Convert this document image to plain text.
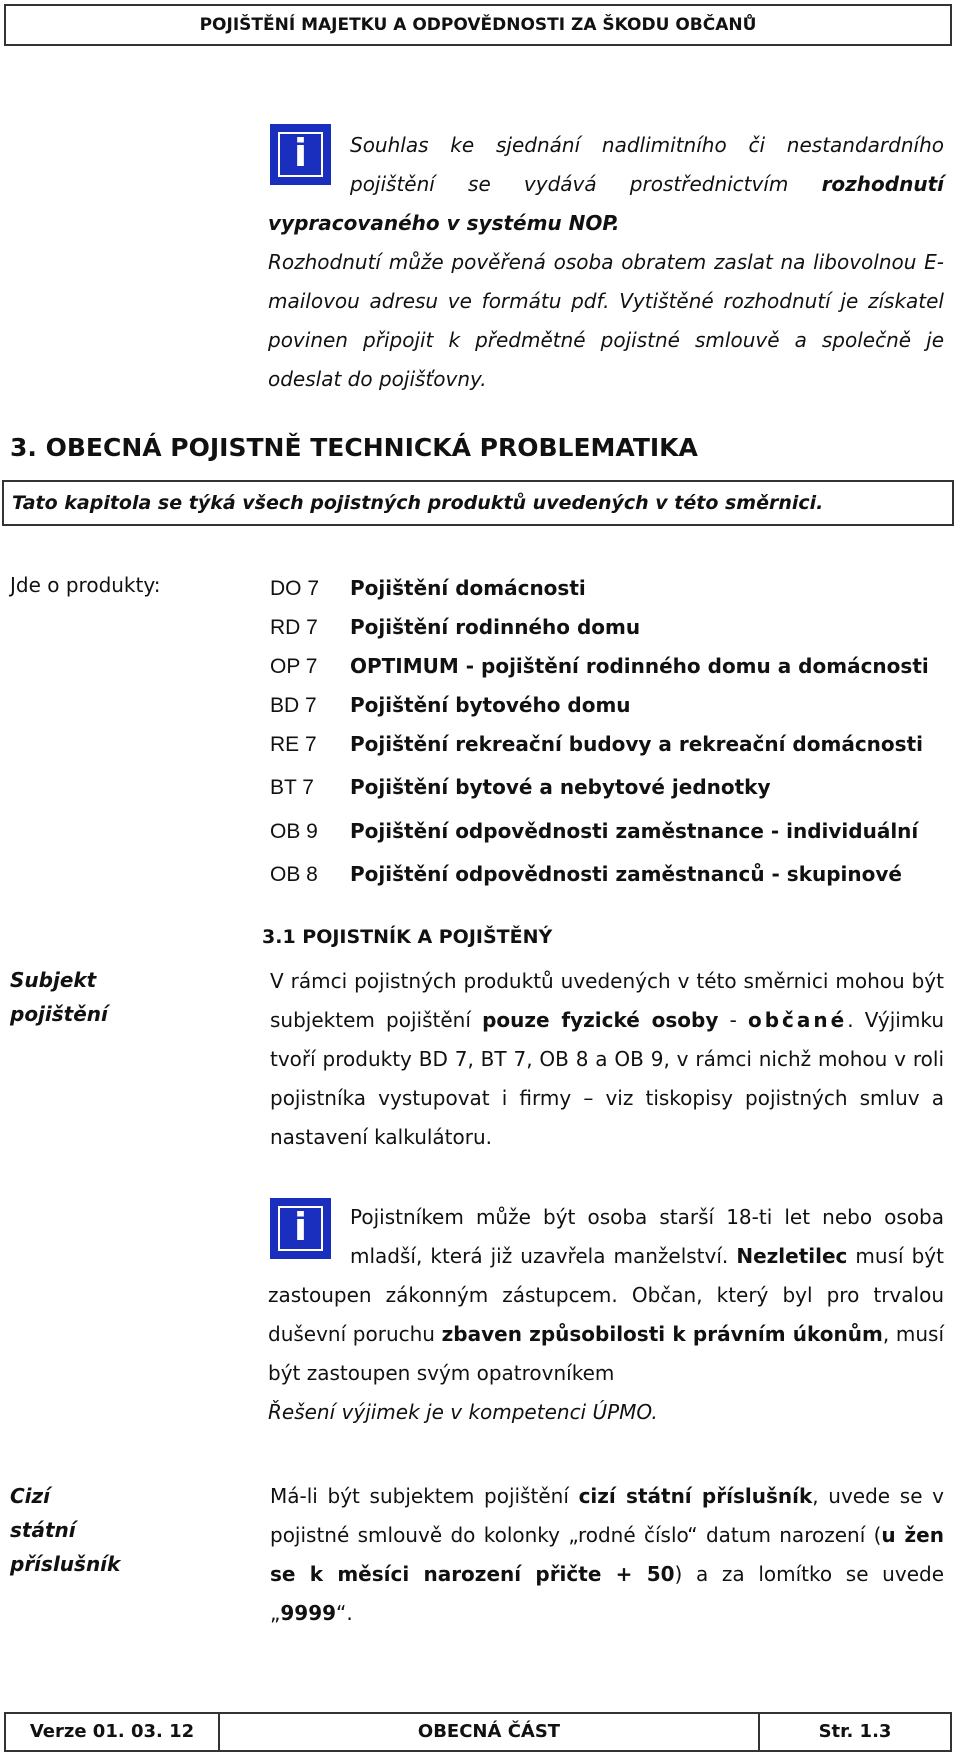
POJIŠTĚNÍ MAJETKU A ODPOVĚDNOSTI ZA ŠKODU OBČANŮ
i	Souhlas ke sjednání nadlimitního či nestandardního pojištění se vydává prostřednictvím rozhodnutí vypracovaného v systému NOP.
Rozhodnutí může pověřená osoba obratem zaslat na libovolnou E-mailovou adresu ve formátu pdf. Vytištěné rozhodnutí je získatel povinen připojit k předmětné pojistné smlouvě a společně je odeslat do pojišťovny.
3. OBECNÁ POJISTNĚ TECHNICKÁ PROBLEMATIKA
Tato kapitola se týká všech pojistných produktů uvedených v této směrnici.
Jde o produkty:	DO 7 Pojištění domácnosti
RD 7 Pojištění rodinného domu
OP 7 OPTIMUM - pojištění rodinného domu a domácnosti
BD 7 Pojištění bytového domu
RE 7 Pojištění rekreační budovy a rekreační domácnosti
BT 7 Pojištění bytové a nebytové jednotky
OB 9 Pojištění odpovědnosti zaměstnance - individuální
OB 8 Pojištění odpovědnosti zaměstnanců - skupinové
3.1 POJISTNÍK A POJIŠTĚNÝ
Subjekt
pojištění
V rámci pojistných produktů uvedených v této směrnici mohou být subjektem pojištění pouze fyzické osoby - občané. Výjimku tvoří produkty BD 7, BT 7, OB 8 a OB 9, v rámci nichž mohou v roli pojistníka vystupovat i firmy – viz tiskopisy pojistných smluv a nastavení kalkulátoru.
i	Pojistníkem může být osoba starší 18-ti let nebo osoba mladší, která již uzavřela manželství. Nezletilec musí být zastoupen zákonným zástupcem. Občan, který byl pro trvalou duševní poruchu zbaven způsobilosti k právním úkonům, musí být zastoupen svým opatrovníkem
Řešení výjimek je v kompetenci ÚPMO.
Cizí
státní
příslušník
Má-li být subjektem pojištění cizí státní příslušník, uvede se v pojistné smlouvě do kolonky „rodné číslo“ datum narození (u žen se k měsíci narození přičte + 50) a za lomítko se uvede „9999“.
Verze 01. 03. 12	OBECNÁ ČÁST	Str. 1.3
